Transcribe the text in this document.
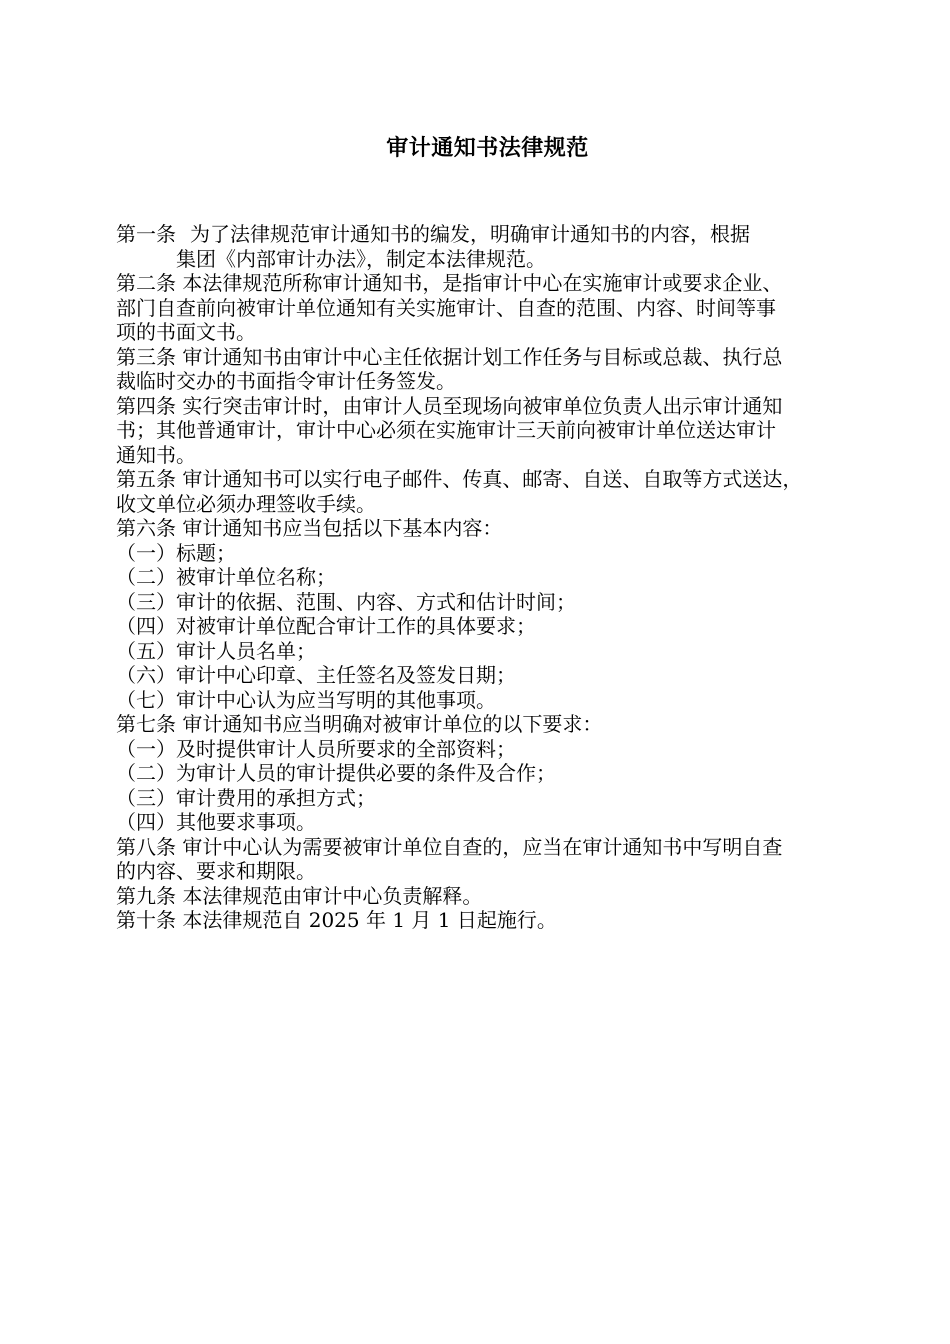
审计通知书法律规范

第一条 为了法律规范审计通知书的编发，明确审计通知书的内容，根据

集团《内部审计办法》，制定本法律规范。

第二条 本法律规范所称审计通知书，是指审计中心在实施审计或要求企业、

部门自查前向被审计单位通知有关实施审计、自查的范围、内容、时间等事

项的书面文书。

第三条 审计通知书由审计中心主任依据计划工作任务与目标或总裁、执行总

裁临时交办的书面指令审计任务签发。

第四条 实行突击审计时，由审计人员至现场向被审单位负责人出示审计通知

书；其他普通审计，审计中心必须在实施审计三天前向被审计单位送达审计

通知书。

第五条 审计通知书可以实行电子邮件、传真、邮寄、自送、自取等方式送达，

收文单位必须办理签收手续。

第六条 审计通知书应当包括以下基本内容：

（一）标题；

（二）被审计单位名称；

（三）审计的依据、范围、内容、方式和估计时间；

（四）对被审计单位配合审计工作的具体要求；

（五）审计人员名单；

（六）审计中心印章、主任签名及签发日期；

（七）审计中心认为应当写明的其他事项。

第七条 审计通知书应当明确对被审计单位的以下要求：

（一）及时提供审计人员所要求的全部资料；

（二）为审计人员的审计提供必要的条件及合作；

（三）审计费用的承担方式；

（四）其他要求事项。

第八条 审计中心认为需要被审计单位自查的，应当在审计通知书中写明自查

的内容、要求和期限。

第九条 本法律规范由审计中心负责解释。

第十条 本法律规范自 2025 年 1 月 1 日起施行。
